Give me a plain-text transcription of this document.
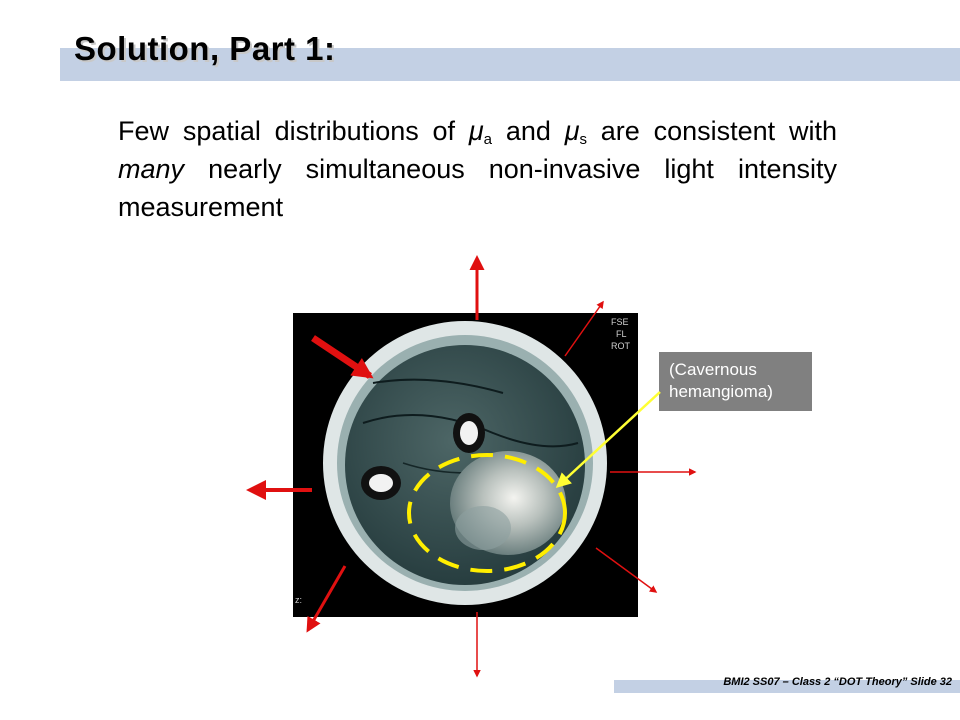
Solution, Part 1:

Few spatial distributions of $\mu_a$ and $\mu_s$ are consistent with many nearly simultaneous non-invasive light intensity measurement

FSE
FL
ROT
z:
(Cavernous
hemangioma)
BMI2 SS07 – Class 2 “DOT Theory” Slide 32
